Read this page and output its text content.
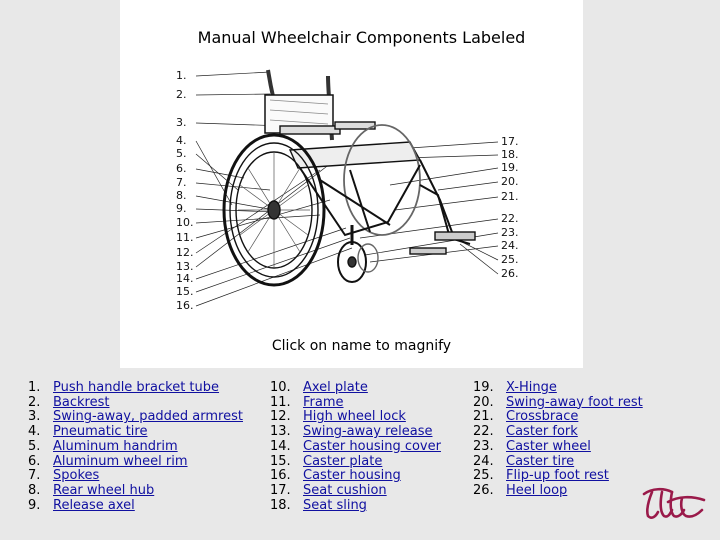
Manual Wheelchair Components Labeled
1.
2.
3.
4.
5.
6.
7.
8.
9.
10.
11.
12.
13.
14.
15.
16.
17.
18.
19.
20.
21.
22.
23.
24.
25.
26.
Click on name to magnify
1. Push handle bracket tube
2. Backrest
3. Swing-away, padded armrest
4. Pneumatic tire
5. Aluminum handrim
6. Aluminum wheel rim
7. Spokes
8. Rear wheel hub
9. Release axel
10. Axel plate
11. Frame
12. High wheel lock
13. Swing-away release
14. Caster housing cover
15. Caster plate
16. Caster housing
17. Seat cushion
18. Seat sling
19. X-Hinge
20. Swing-away foot rest
21. Crossbrace
22. Caster fork
23. Caster wheel
24. Caster tire
25. Flip-up foot rest
26. Heel loop
